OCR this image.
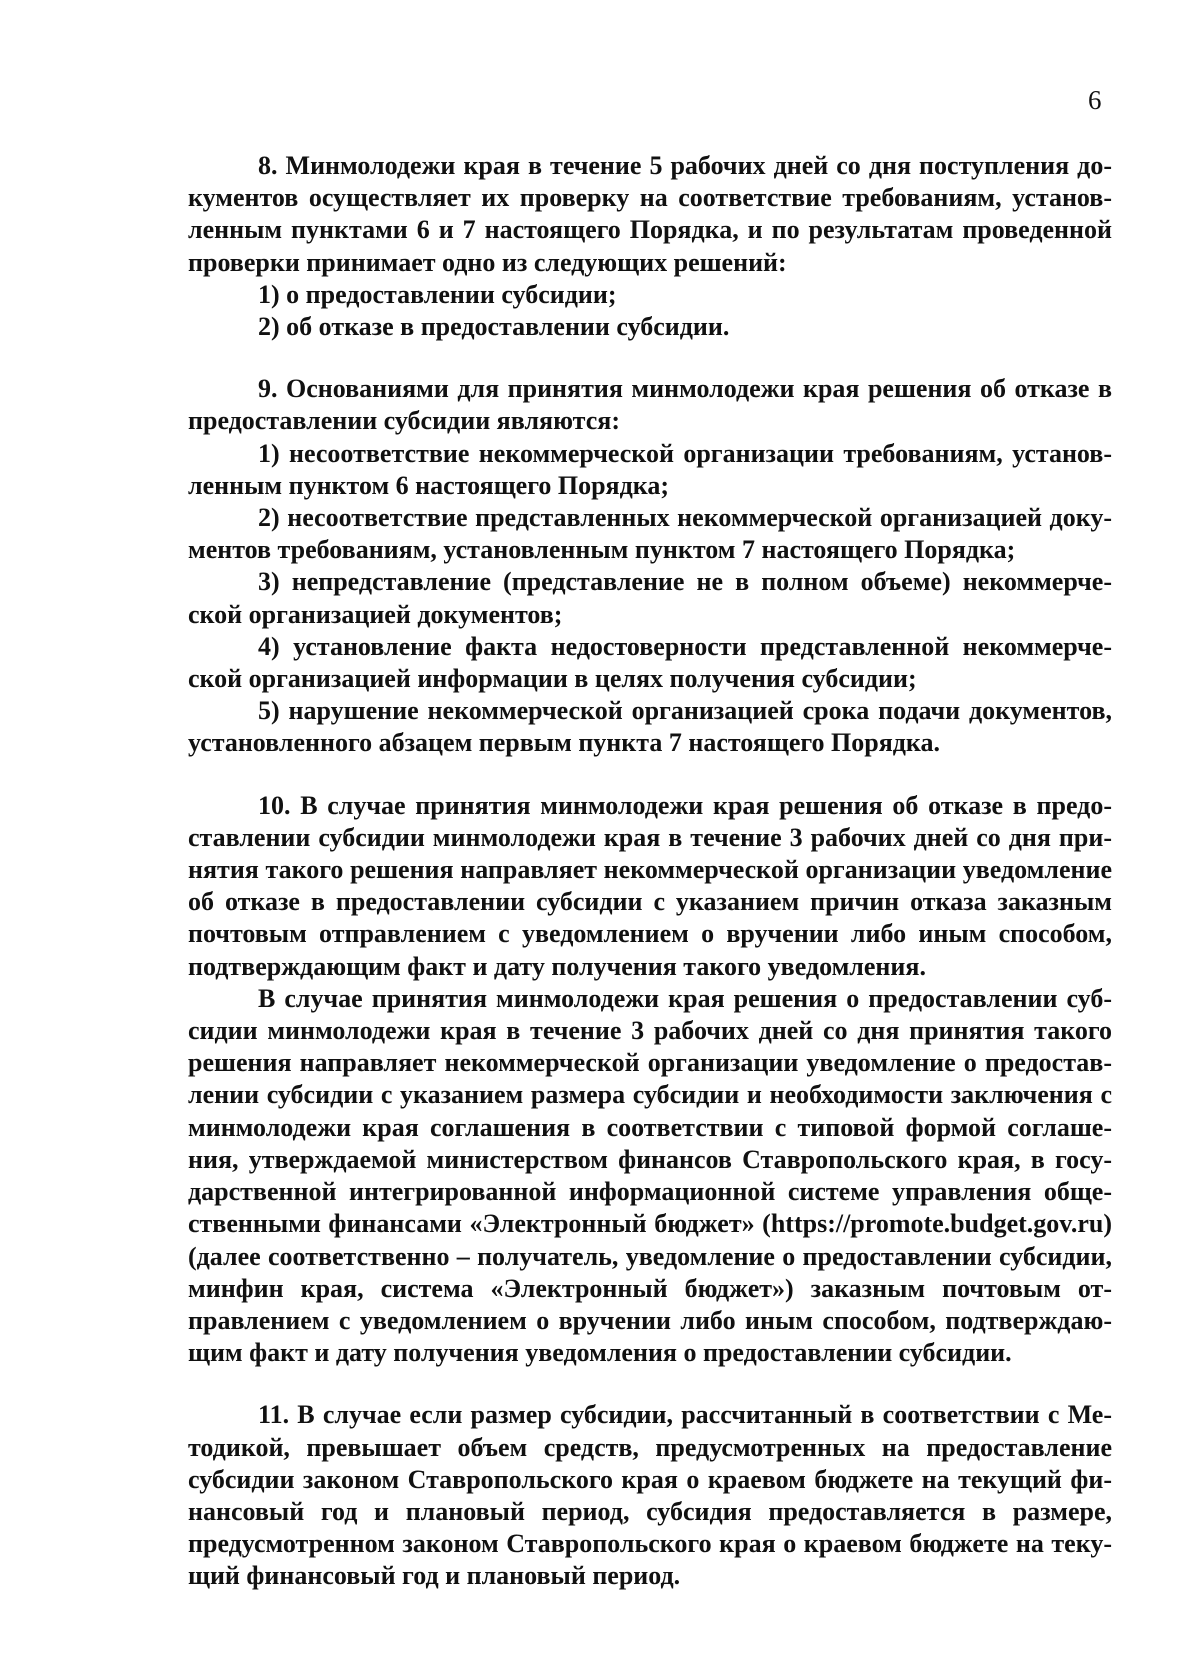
6

8. Минмолодежи края в течение 5 рабочих дней со дня поступления документов осуществляет их проверку на соответствие требованиям, установленным пунктами 6 и 7 настоящего Порядка, и по результатам проведенной проверки принимает одно из следующих решений:

1) о предоставлении субсидии;

2) об отказе в предоставлении субсидии.

9. Основаниями для принятия минмолодежи края решения об отказе в предоставлении субсидии являются:

1) несоответствие некоммерческой организации требованиям, установленным пунктом 6 настоящего Порядка;

2) несоответствие представленных некоммерческой организацией документов требованиям, установленным пунктом 7 настоящего Порядка;

3) непредставление (представление не в полном объеме) некоммерческой организацией документов;

4) установление факта недостоверности представленной некоммерческой организацией информации в целях получения субсидии;

5) нарушение некоммерческой организацией срока подачи документов, установленного абзацем первым пункта 7 настоящего Порядка.

10. В случае принятия минмолодежи края решения об отказе в предоставлении субсидии минмолодежи края в течение 3 рабочих дней со дня принятия такого решения направляет некоммерческой организации уведомление об отказе в предоставлении субсидии с указанием причин отказа заказным почтовым отправлением с уведомлением о вручении либо иным способом, подтверждающим факт и дату получения такого уведомления.

В случае принятия минмолодежи края решения о предоставлении субсидии минмолодежи края в течение 3 рабочих дней со дня принятия такого решения направляет некоммерческой организации уведомление о предоставлении субсидии с указанием размера субсидии и необходимости заключения с минмолодежи края соглашения в соответствии с типовой формой соглашения, утверждаемой министерством финансов Ставропольского края, в государственной интегрированной информационной системе управления общественными финансами «Электронный бюджет» (https://promote.budget.gov.ru) (далее соответственно – получатель, уведомление о предоставлении субсидии, минфин края, система «Электронный бюджет») заказным почтовым отправлением с уведомлением о вручении либо иным способом, подтверждающим факт и дату получения уведомления о предоставлении субсидии.

11. В случае если размер субсидии, рассчитанный в соответствии с Методикой, превышает объем средств, предусмотренных на предоставление субсидии законом Ставропольского края о краевом бюджете на текущий финансовый год и плановый период, субсидия предоставляется в размере, предусмотренном законом Ставропольского края о краевом бюджете на текущий финансовый год и плановый период.
